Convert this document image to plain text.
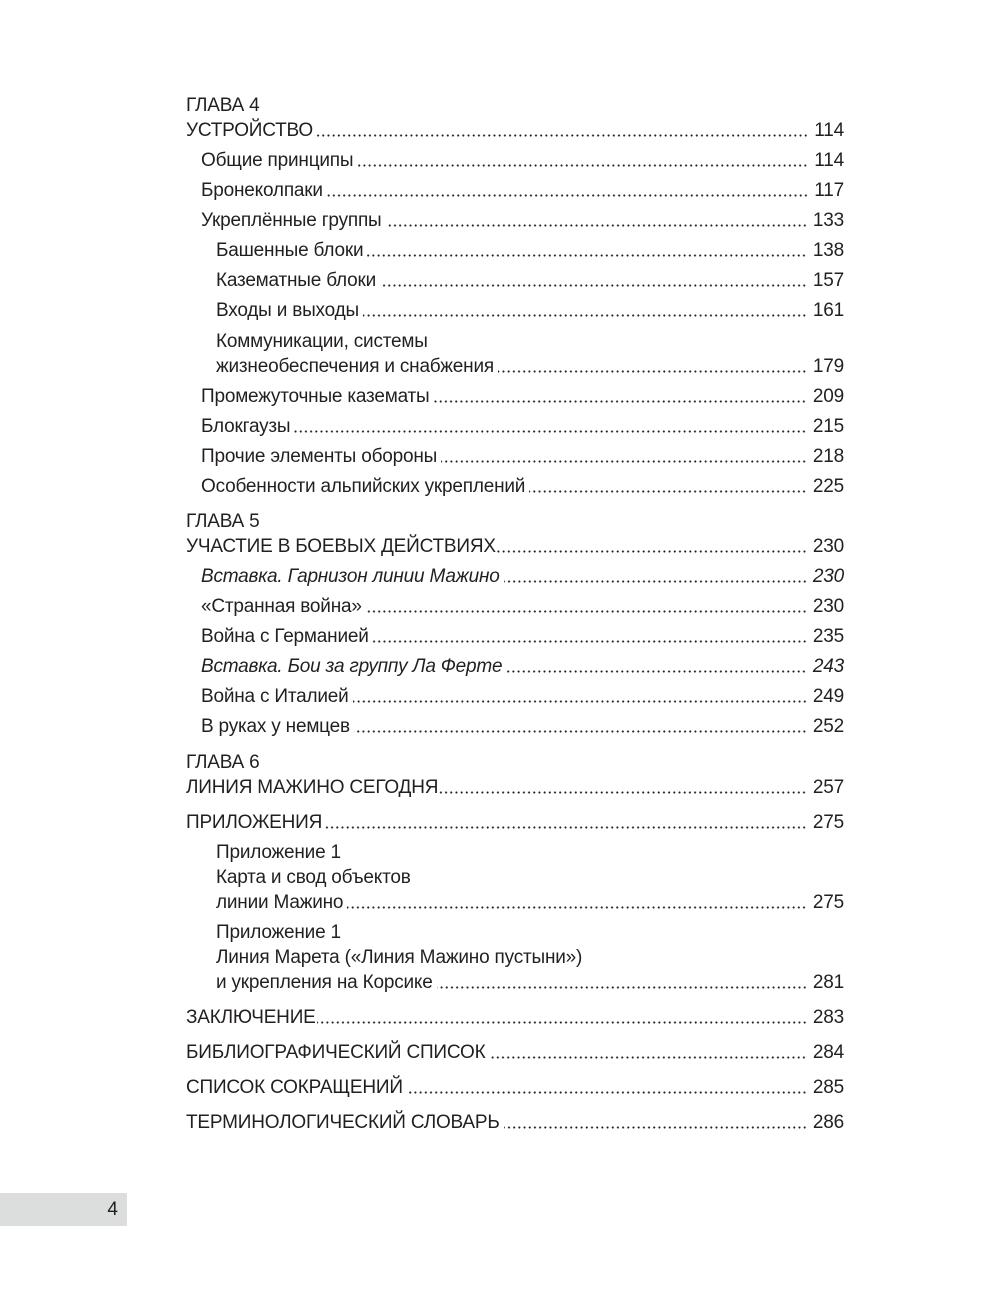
ГЛАВА 4
УСТРОЙСТВО	114
Общие принципы	114
Бронеколпаки	117
Укреплённые группы	133
Башенные блоки	138
Казематные блоки	157
Входы и выходы	161
Коммуникации, системы
жизнеобеспечения и снабжения	179
Промежуточные казематы	209
Блокгаузы	215
Прочие элементы обороны	218
Особенности альпийских укреплений	225
ГЛАВА 5
УЧАСТИЕ В БОЕВЫХ ДЕЙСТВИЯХ	230
Вставка. Гарнизон линии Мажино	230
«Странная война»	230
Война с Германией	235
Вставка. Бои за группу Ла Ферте	243
Война с Италией	249
В руках у немцев	252
ГЛАВА 6
ЛИНИЯ МАЖИНО СЕГОДНЯ	257
ПРИЛОЖЕНИЯ	275
Приложение 1
Карта и свод объектов
линии Мажино	275
Приложение 1
Линия Марета («Линия Мажино пустыни»)
и укрепления на Корсике	281
ЗАКЛЮЧЕНИЕ	283
БИБЛИОГРАФИЧЕСКИЙ СПИСОК	284
СПИСОК СОКРАЩЕНИЙ	285
ТЕРМИНОЛОГИЧЕСКИЙ СЛОВАРЬ	286
4
